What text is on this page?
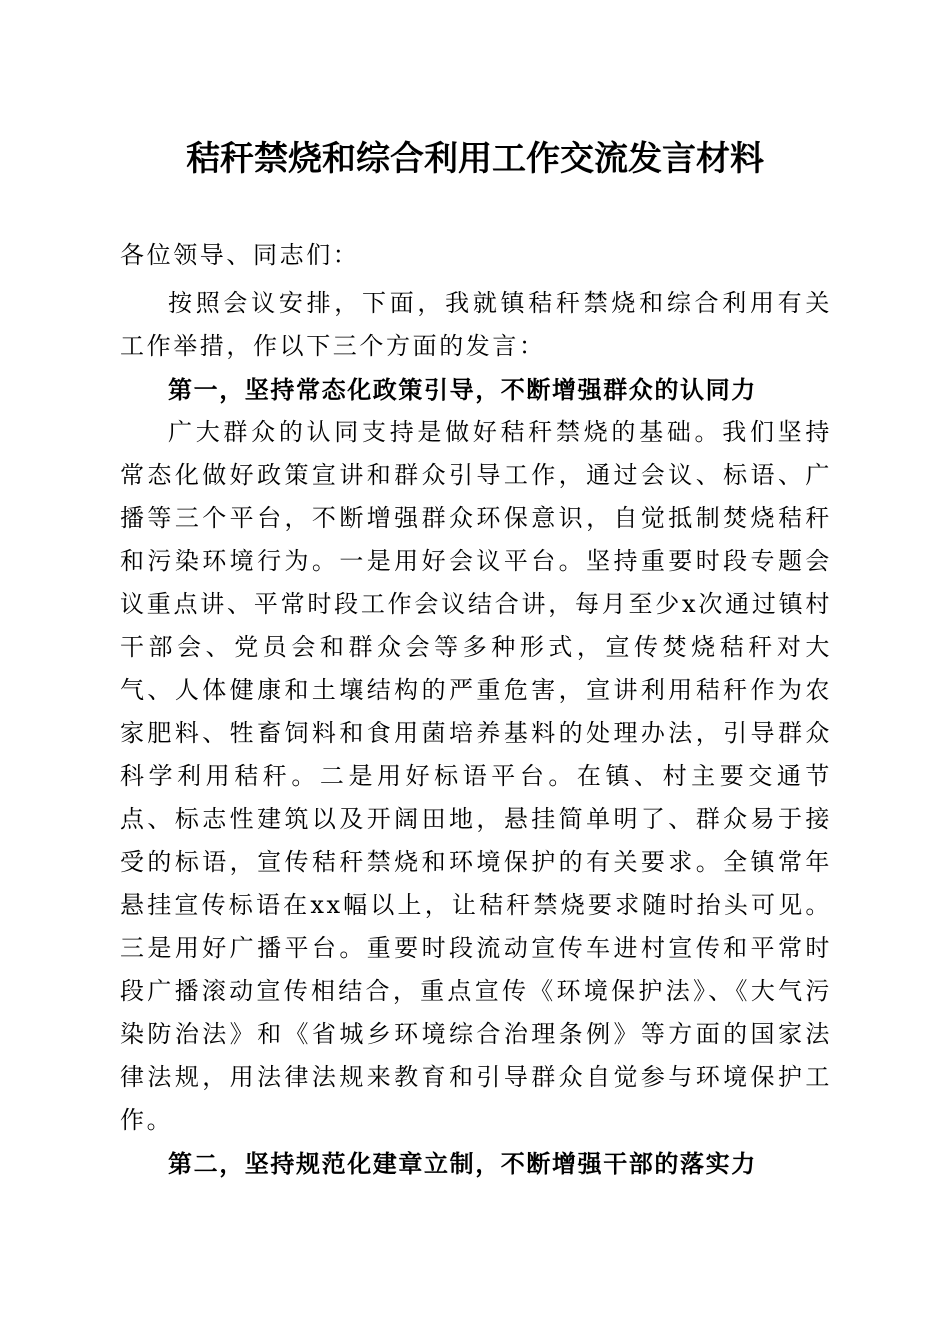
秸秆禁烧和综合利用工作交流发言材料

各位领导、同志们：

按照会议安排，下面，我就镇秸秆禁烧和综合利用有关工作举措，作以下三个方面的发言：

第一，坚持常态化政策引导，不断增强群众的认同力

广大群众的认同支持是做好秸秆禁烧的基础。我们坚持常态化做好政策宣讲和群众引导工作，通过会议、标语、广播等三个平台，不断增强群众环保意识，自觉抵制焚烧秸秆和污染环境行为。一是用好会议平台。坚持重要时段专题会议重点讲、平常时段工作会议结合讲，每月至少x次通过镇村干部会、党员会和群众会等多种形式，宣传焚烧秸秆对大气、人体健康和土壤结构的严重危害，宣讲利用秸秆作为农家肥料、牲畜饲料和食用菌培养基料的处理办法，引导群众科学利用秸秆。二是用好标语平台。在镇、村主要交通节点、标志性建筑以及开阔田地，悬挂简单明了、群众易于接受的标语，宣传秸秆禁烧和环境保护的有关要求。全镇常年悬挂宣传标语在xx幅以上，让秸秆禁烧要求随时抬头可见。三是用好广播平台。重要时段流动宣传车进村宣传和平常时段广播滚动宣传相结合，重点宣传《环境保护法》、《大气污染防治法》和《省城乡环境综合治理条例》等方面的国家法律法规，用法律法规来教育和引导群众自觉参与环境保护工作。

第二，坚持规范化建章立制，不断增强干部的落实力
